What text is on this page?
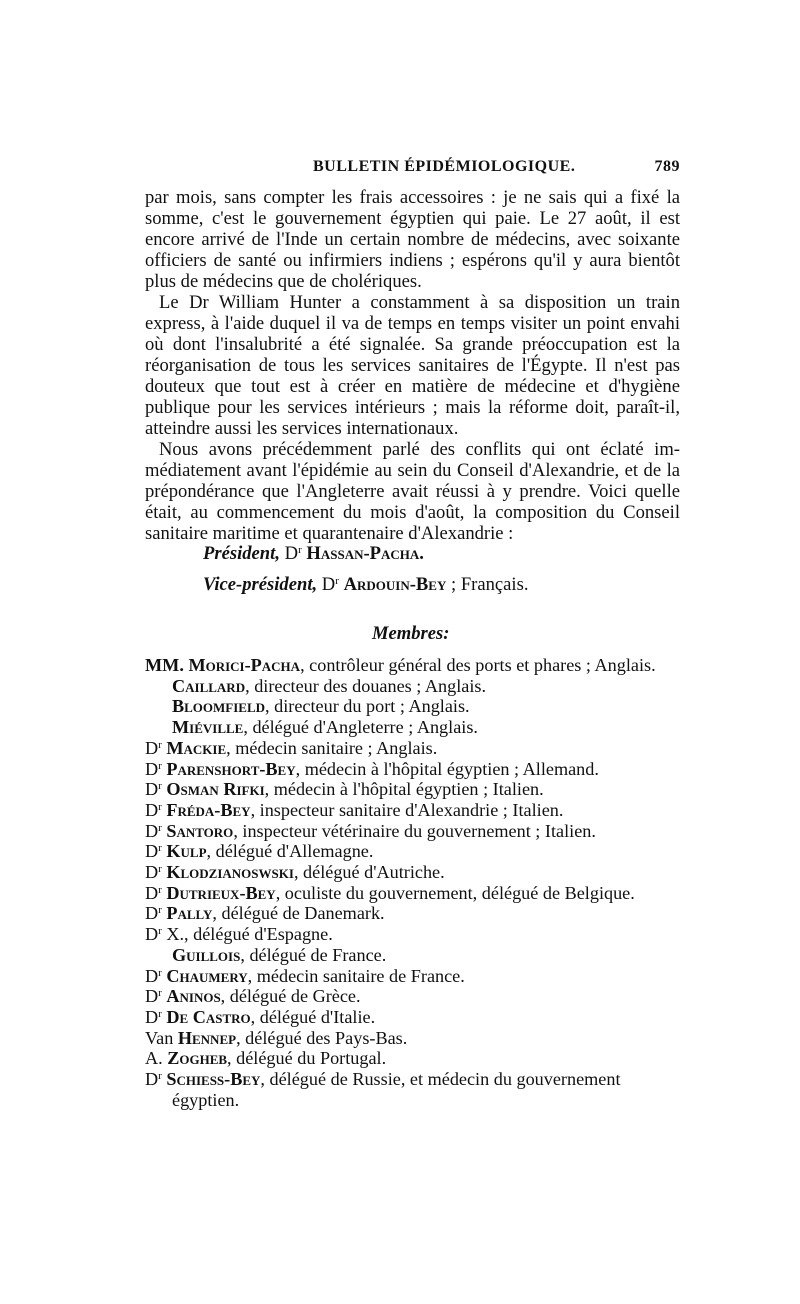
BULLETIN ÉPIDÉMIOLOGIQUE.	789

par mois, sans compter les frais accessoires : je ne sais qui a fixé la somme, c'est le gouvernement égyptien qui paie. Le 27 août, il est encore arrivé de l'Inde un certain nombre de médecins, avec soixante officiers de santé ou infirmiers indiens ; espérons qu'il y aura bientôt plus de médecins que de cholériques.

Le Dr William Hunter a constamment à sa disposition un train express, à l'aide duquel il va de temps en temps visiter un point envahi où dont l'insalubrité a été signalée. Sa grande préoccupation est la réorganisation de tous les services sanitaires de l'Égypte. Il n'est pas douteux que tout est à créer en matière de médecine et d'hygiène publique pour les services intérieurs ; mais la réforme doit, paraît-il, atteindre aussi les services internationaux.

Nous avons précédemment parlé des conflits qui ont éclaté immédiatement avant l'épidémie au sein du Conseil d'Alexandrie, et de la prépondérance que l'Angleterre avait réussi à y prendre. Voici quelle était, au commencement du mois d'août, la composition du Conseil sanitaire maritime et quarantenaire d'Alexandrie :

Président, $D^r$ Hassan-Pacha.
Vice-président, $D^r$ Ardouin-Bey ; Français.
Membres:
MM. Morici-Pacha, contrôleur général des ports et phares ; Anglais.
Caillard, directeur des douanes ; Anglais.
Bloomfield, directeur du port ; Anglais.
Miéville, délégué d'Angleterre ; Anglais.
$D^r$ Mackie, médecin sanitaire ; Anglais.
$D^r$ Parenshort-Bey, médecin à l'hôpital égyptien ; Allemand.
$D^r$ Osman Rifki, médecin à l'hôpital égyptien ; Italien.
$D^r$ Fréda-Bey, inspecteur sanitaire d'Alexandrie ; Italien.
$D^r$ Santoro, inspecteur vétérinaire du gouvernement ; Italien.
$D^r$ Kulp, délégué d'Allemagne.
$D^r$ Klodzianoswski, délégué d'Autriche.
$D^r$ Dutrieux-Bey, oculiste du gouvernement, délégué de Belgique.
$D^r$ Pally, délégué de Danemark.
$D^r$ X., délégué d'Espagne.
Guillois, délégué de France.
$D^r$ Chaumery, médecin sanitaire de France.
$D^r$ Aninos, délégué de Grèce.
$D^r$ De Castro, délégué d'Italie.
Van Hennep, délégué des Pays-Bas.
A. Zogheb, délégué du Portugal.
$D^r$ Schiess-Bey, délégué de Russie, et médecin du gouvernement
égyptien.
